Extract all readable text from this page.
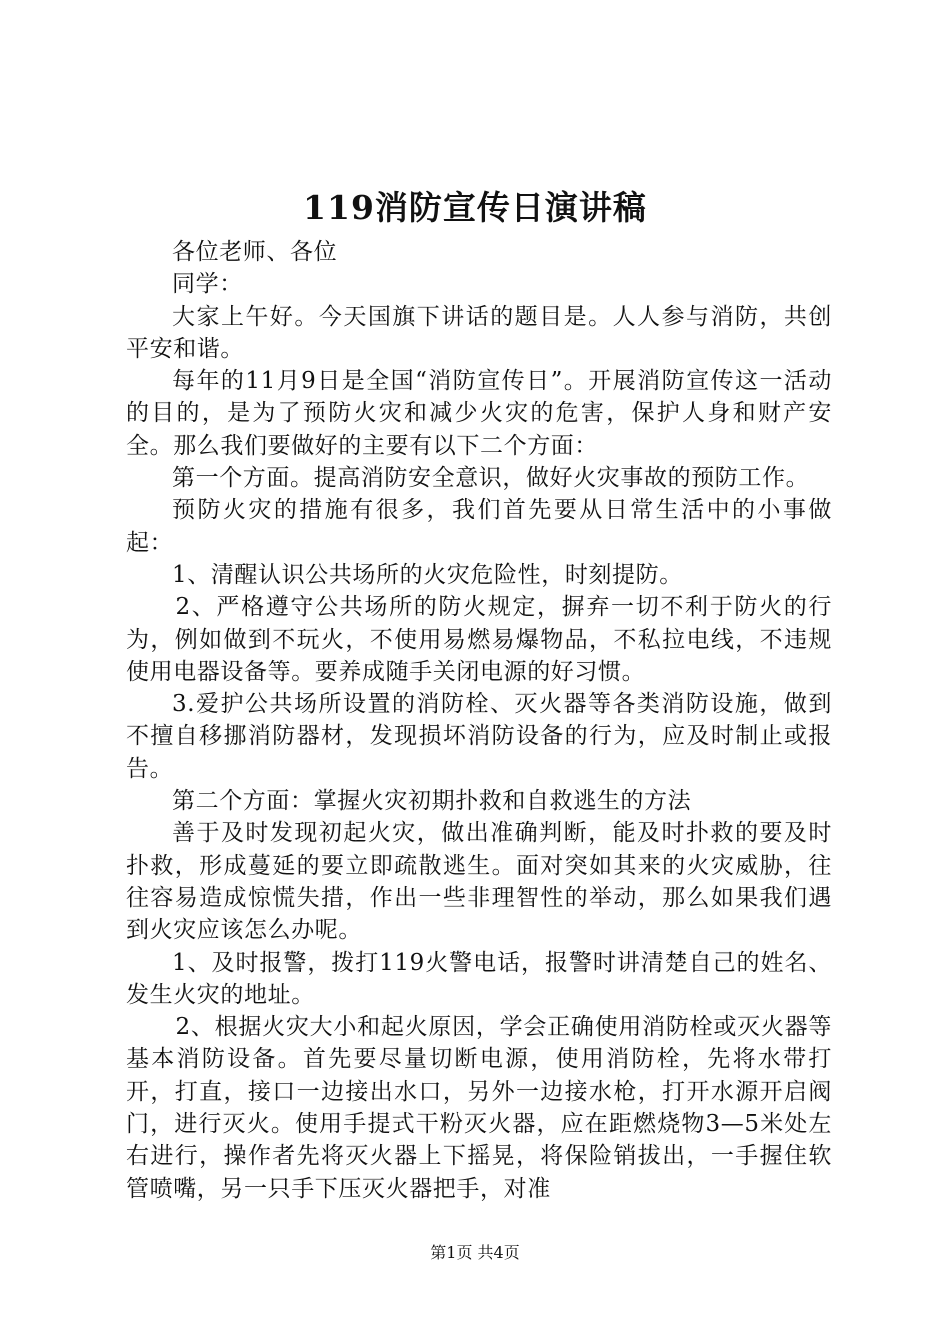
119消防宣传日演讲稿

各位老师、各位

同学：

大家上午好。今天国旗下讲话的题目是。人人参与消防，共创平安和谐。

每年的11月9日是全国“消防宣传日”。开展消防宣传这一活动的目的，是为了预防火灾和减少火灾的危害，保护人身和财产安全。那么我们要做好的主要有以下二个方面：

第一个方面。提高消防安全意识，做好火灾事故的预防工作。

预防火灾的措施有很多，我们首先要从日常生活中的小事做起：

1、清醒认识公共场所的火灾危险性，时刻提防。

2、严格遵守公共场所的防火规定，摒弃一切不利于防火的行为，例如做到不玩火，不使用易燃易爆物品，不私拉电线，不违规使用电器设备等。要养成随手关闭电源的好习惯。

3.爱护公共场所设置的消防栓、灭火器等各类消防设施，做到不擅自移挪消防器材，发现损坏消防设备的行为，应及时制止或报告。

第二个方面：掌握火灾初期扑救和自救逃生的方法

善于及时发现初起火灾，做出准确判断，能及时扑救的要及时扑救，形成蔓延的要立即疏散逃生。面对突如其来的火灾威胁，往往容易造成惊慌失措，作出一些非理智性的举动，那么如果我们遇到火灾应该怎么办呢。

1、及时报警，拨打119火警电话，报警时讲清楚自己的姓名、发生火灾的地址。

2、根据火灾大小和起火原因，学会正确使用消防栓或灭火器等基本消防设备。首先要尽量切断电源，使用消防栓，先将水带打开，打直，接口一边接出水口，另外一边接水枪，打开水源开启阀门，进行灭火。使用手提式干粉灭火器，应在距燃烧物3—5米处左右进行，操作者先将灭火器上下摇晃，将保险销拔出，一手握住软管喷嘴，另一只手下压灭火器把手，对准

第1页 共4页
